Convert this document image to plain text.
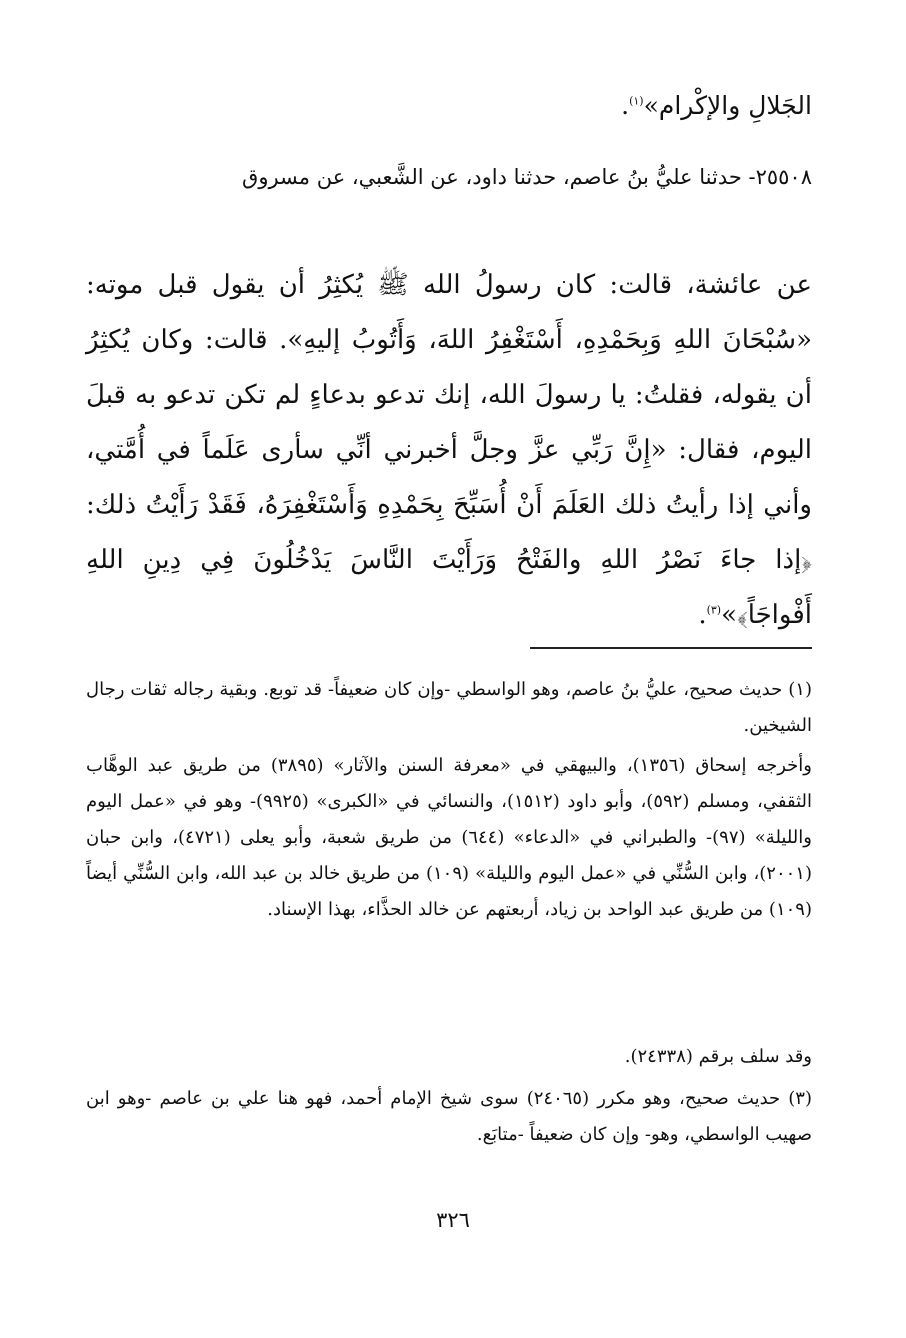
الجَلالِ والإكْرام»$^{(١)}$.
٢٥٥٠٨- حدثنا عليُّ بنُ عاصم، حدثنا داود، عن الشَّعبي، عن مسروق
عن عائشة، قالت: كان رسولُ الله ﷺ يُكثِرُ أن يقول قبل موته: «سُبْحَانَ اللهِ وَبِحَمْدِهِ، أَسْتَغْفِرُ اللهَ، وَأَتُوبُ إليهِ». قالت: وكان يُكثِرُ أن يقوله، فقلتُ: يا رسولَ الله، إنك تدعو بدعاءٍ لم تكن تدعو به قبلَ اليوم، فقال: «إِنَّ رَبِّي عزَّ وجلَّ أخبرني أنِّي سأرى عَلَماً في أُمَّتي، وأني إذا رأيتُ ذلك العَلَمَ أَنْ أُسَبِّحَ بِحَمْدِهِ وَأَسْتَغْفِرَهُ، فَقَدْ رَأَيْتُ ذلك: ﴿إذا جاءَ نَصْرُ اللهِ والفَتْحُ وَرَأَيْتَ النَّاسَ يَدْخُلُونَ فِي دِينِ اللهِ أَفْواجَاً﴾»$^{(٣)}$.
(١) حديث صحيح، عليُّ بنُ عاصم، وهو الواسطي -وإن كان ضعيفاً- قد توبع. وبقية رجاله ثقات رجال الشيخين.
وأخرجه إسحاق (١٣٥٦)، والبيهقي في «معرفة السنن والآثار» (٣٨٩٥) من طريق عبد الوهَّاب الثقفي، ومسلم (٥٩٢)، وأبو داود (١٥١٢)، والنسائي في «الكبرى» (٩٩٢٥)- وهو في «عمل اليوم والليلة» (٩٧)- والطبراني في «الدعاء» (٦٤٤) من طريق شعبة، وأبو يعلى (٤٧٢١)، وابن حبان (٢٠٠١)، وابن السُّنِّي في «عمل اليوم والليلة» (١٠٩) من طريق خالد بن عبد الله، وابن السُّنِّي أيضاً (١٠٩) من طريق عبد الواحد بن زياد، أربعتهم عن خالد الحذَّاء، بهذا الإسناد.
وقد سلف برقم (٢٤٣٣٨).
(٣) حديث صحيح، وهو مكرر (٢٤٠٦٥) سوى شيخ الإمام أحمد، فهو هنا علي بن عاصم -وهو ابن صهيب الواسطي، وهو- وإن كان ضعيفاً -متابَع.
٣٢٦
